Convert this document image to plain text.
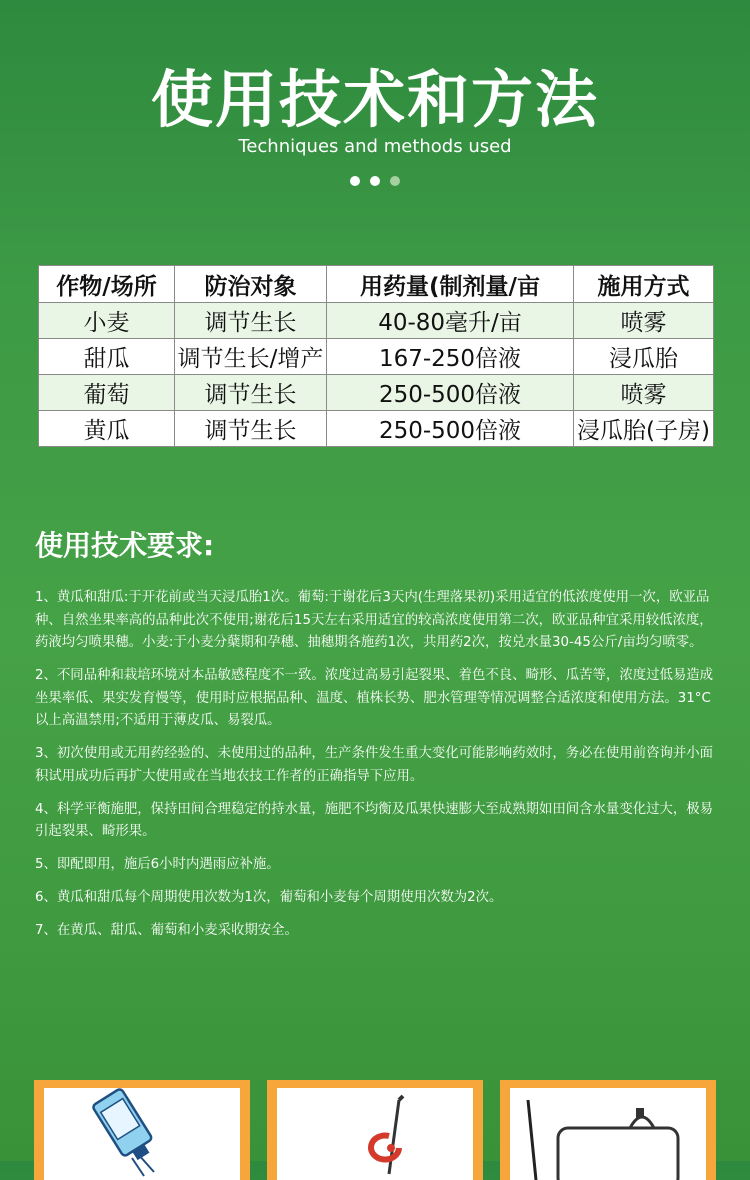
使用技术和方法
Techniques and methods used

作物/场所	防治对象	用药量(制剂量/亩	施用方式
小麦	调节生长	40-80毫升/亩	喷雾
甜瓜	调节生长/增产	167-250倍液	浸瓜胎
葡萄	调节生长	250-500倍液	喷雾
黄瓜	调节生长	250-500倍液	浸瓜胎(子房)
使用技术要求:

1、黄瓜和甜瓜:于开花前或当天浸瓜胎1次。葡萄:于谢花后3天内(生理落果初)采用适宜的低浓度使用一次，欧亚品种、自然坐果率高的品种此次不使用;谢花后15天左右采用适宜的较高浓度使用第二次，欧亚品种宜采用较低浓度，药液均匀喷果穗。小麦:于小麦分蘖期和孕穗、抽穗期各施药1次，共用药2次，按兑水量30-45公斤/亩均匀喷零。

2、不同品种和栽培环境对本品敏感程度不一致。浓度过高易引起裂果、着色不良、畸形、瓜苦等，浓度过低易造成坐果率低、果实发育慢等，使用时应根据品种、温度、植株长势、肥水管理等情况调整合适浓度和使用方法。31°C以上高温禁用;不适用于薄皮瓜、易裂瓜。

3、初次使用或无用药经验的、未使用过的品种，生产条件发生重大变化可能影响药效时，务必在使用前咨询并小面积试用成功后再扩大使用或在当地农技工作者的正确指导下应用。

4、科学平衡施肥，保持田间合理稳定的持水量，施肥不均衡及瓜果快速膨大至成熟期如田间含水量变化过大，极易引起裂果、畸形果。

5、即配即用，施后6小时内遇雨应补施。

6、黄瓜和甜瓜每个周期使用次数为1次，葡萄和小麦每个周期使用次数为2次。

7、在黄瓜、甜瓜、葡萄和小麦采收期安全。
